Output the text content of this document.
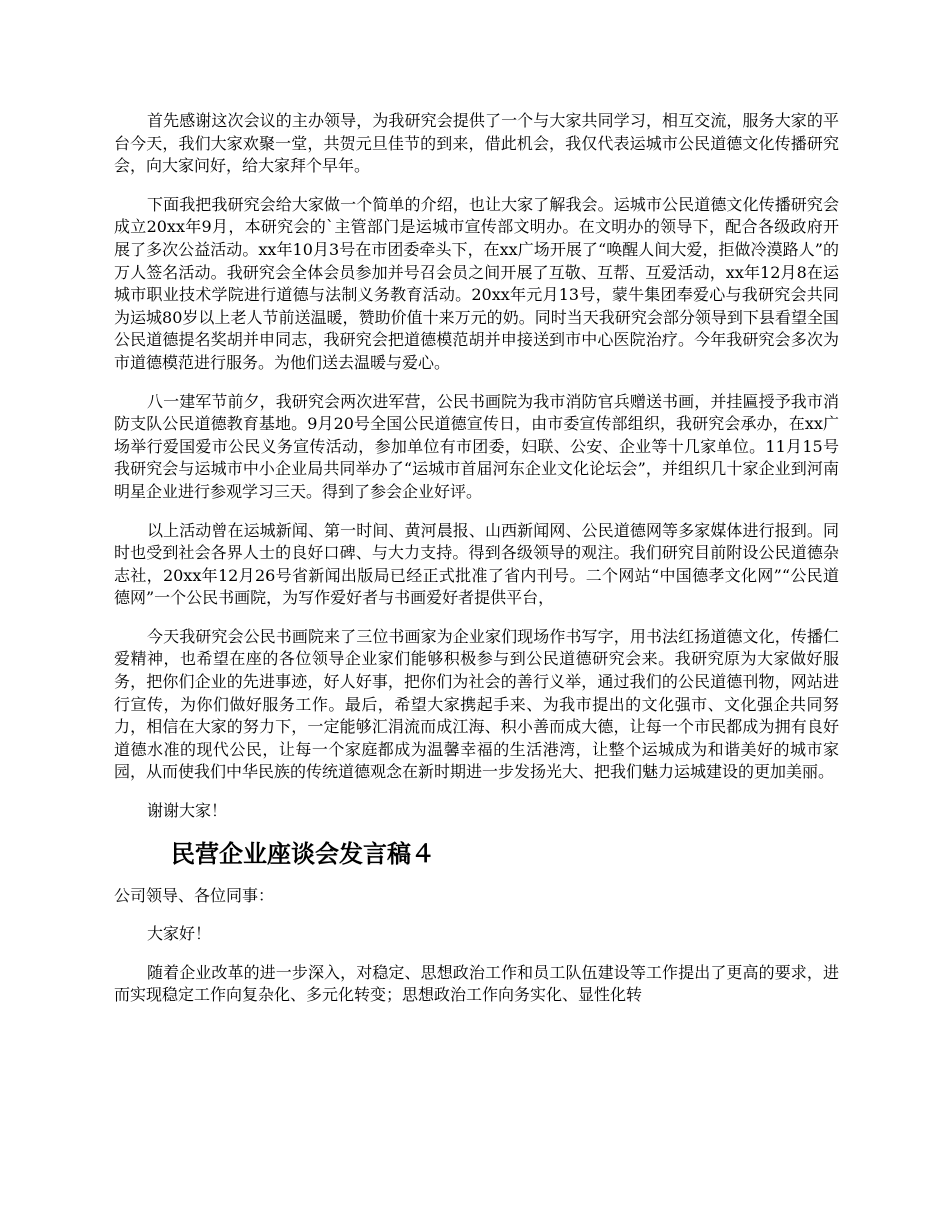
首先感谢这次会议的主办领导，为我研究会提供了一个与大家共同学习，相互交流，服务大家的平台今天，我们大家欢聚一堂，共贺元旦佳节的到来，借此机会，我仅代表运城市公民道德文化传播研究会，向大家问好，给大家拜个早年。

下面我把我研究会给大家做一个简单的介绍，也让大家了解我会。运城市公民道德文化传播研究会成立20xx年9月，本研究会的`主管部门是运城市宣传部文明办。在文明办的领导下，配合各级政府开展了多次公益活动。xx年10月3号在市团委牵头下，在xx广场开展了“唤醒人间大爱，拒做冷漠路人”的万人签名活动。我研究会全体会员参加并号召会员之间开展了互敬、互帮、互爱活动，xx年12月8在运城市职业技术学院进行道德与法制义务教育活动。20xx年元月13号，蒙牛集团奉爱心与我研究会共同为运城80岁以上老人节前送温暖，赞助价值十来万元的奶。同时当天我研究会部分领导到下县看望全国公民道德提名奖胡并申同志，我研究会把道德模范胡并申接送到市中心医院治疗。今年我研究会多次为市道德模范进行服务。为他们送去温暖与爱心。

八一建军节前夕，我研究会两次进军营，公民书画院为我市消防官兵赠送书画，并挂匾授予我市消防支队公民道德教育基地。9月20号全国公民道德宣传日，由市委宣传部组织，我研究会承办，在xx广场举行爱国爱市公民义务宣传活动，参加单位有市团委，妇联、公安、企业等十几家单位。11月15号我研究会与运城市中小企业局共同举办了“运城市首届河东企业文化论坛会”，并组织几十家企业到河南明星企业进行参观学习三天。得到了参会企业好评。

以上活动曾在运城新闻、第一时间、黄河晨报、山西新闻网、公民道德网等多家媒体进行报到。同时也受到社会各界人士的良好口碑、与大力支持。得到各级领导的观注。我们研究目前附设公民道德杂志社，20xx年12月26号省新闻出版局已经正式批准了省内刊号。二个网站“中国德孝文化网”“公民道德网”一个公民书画院，为写作爱好者与书画爱好者提供平台，

今天我研究会公民书画院来了三位书画家为企业家们现场作书写字，用书法红扬道德文化，传播仁爱精神，也希望在座的各位领导企业家们能够积极参与到公民道德研究会来。我研究原为大家做好服务，把你们企业的先进事迹，好人好事，把你们为社会的善行义举，通过我们的公民道德刊物，网站进行宣传，为你们做好服务工作。最后，希望大家携起手来、为我市提出的文化强市、文化强企共同努力，相信在大家的努力下，一定能够汇涓流而成江海、积小善而成大德，让每一个市民都成为拥有良好道德水准的现代公民，让每一个家庭都成为温馨幸福的生活港湾，让整个运城成为和谐美好的城市家园，从而使我们中华民族的传统道德观念在新时期进一步发扬光大、把我们魅力运城建设的更加美丽。

谢谢大家！

民营企业座谈会发言稿４

公司领导、各位同事：

大家好！

随着企业改革的进一步深入，对稳定、思想政治工作和员工队伍建设等工作提出了更高的要求，进而实现稳定工作向复杂化、多元化转变；思想政治工作向务实化、显性化转
